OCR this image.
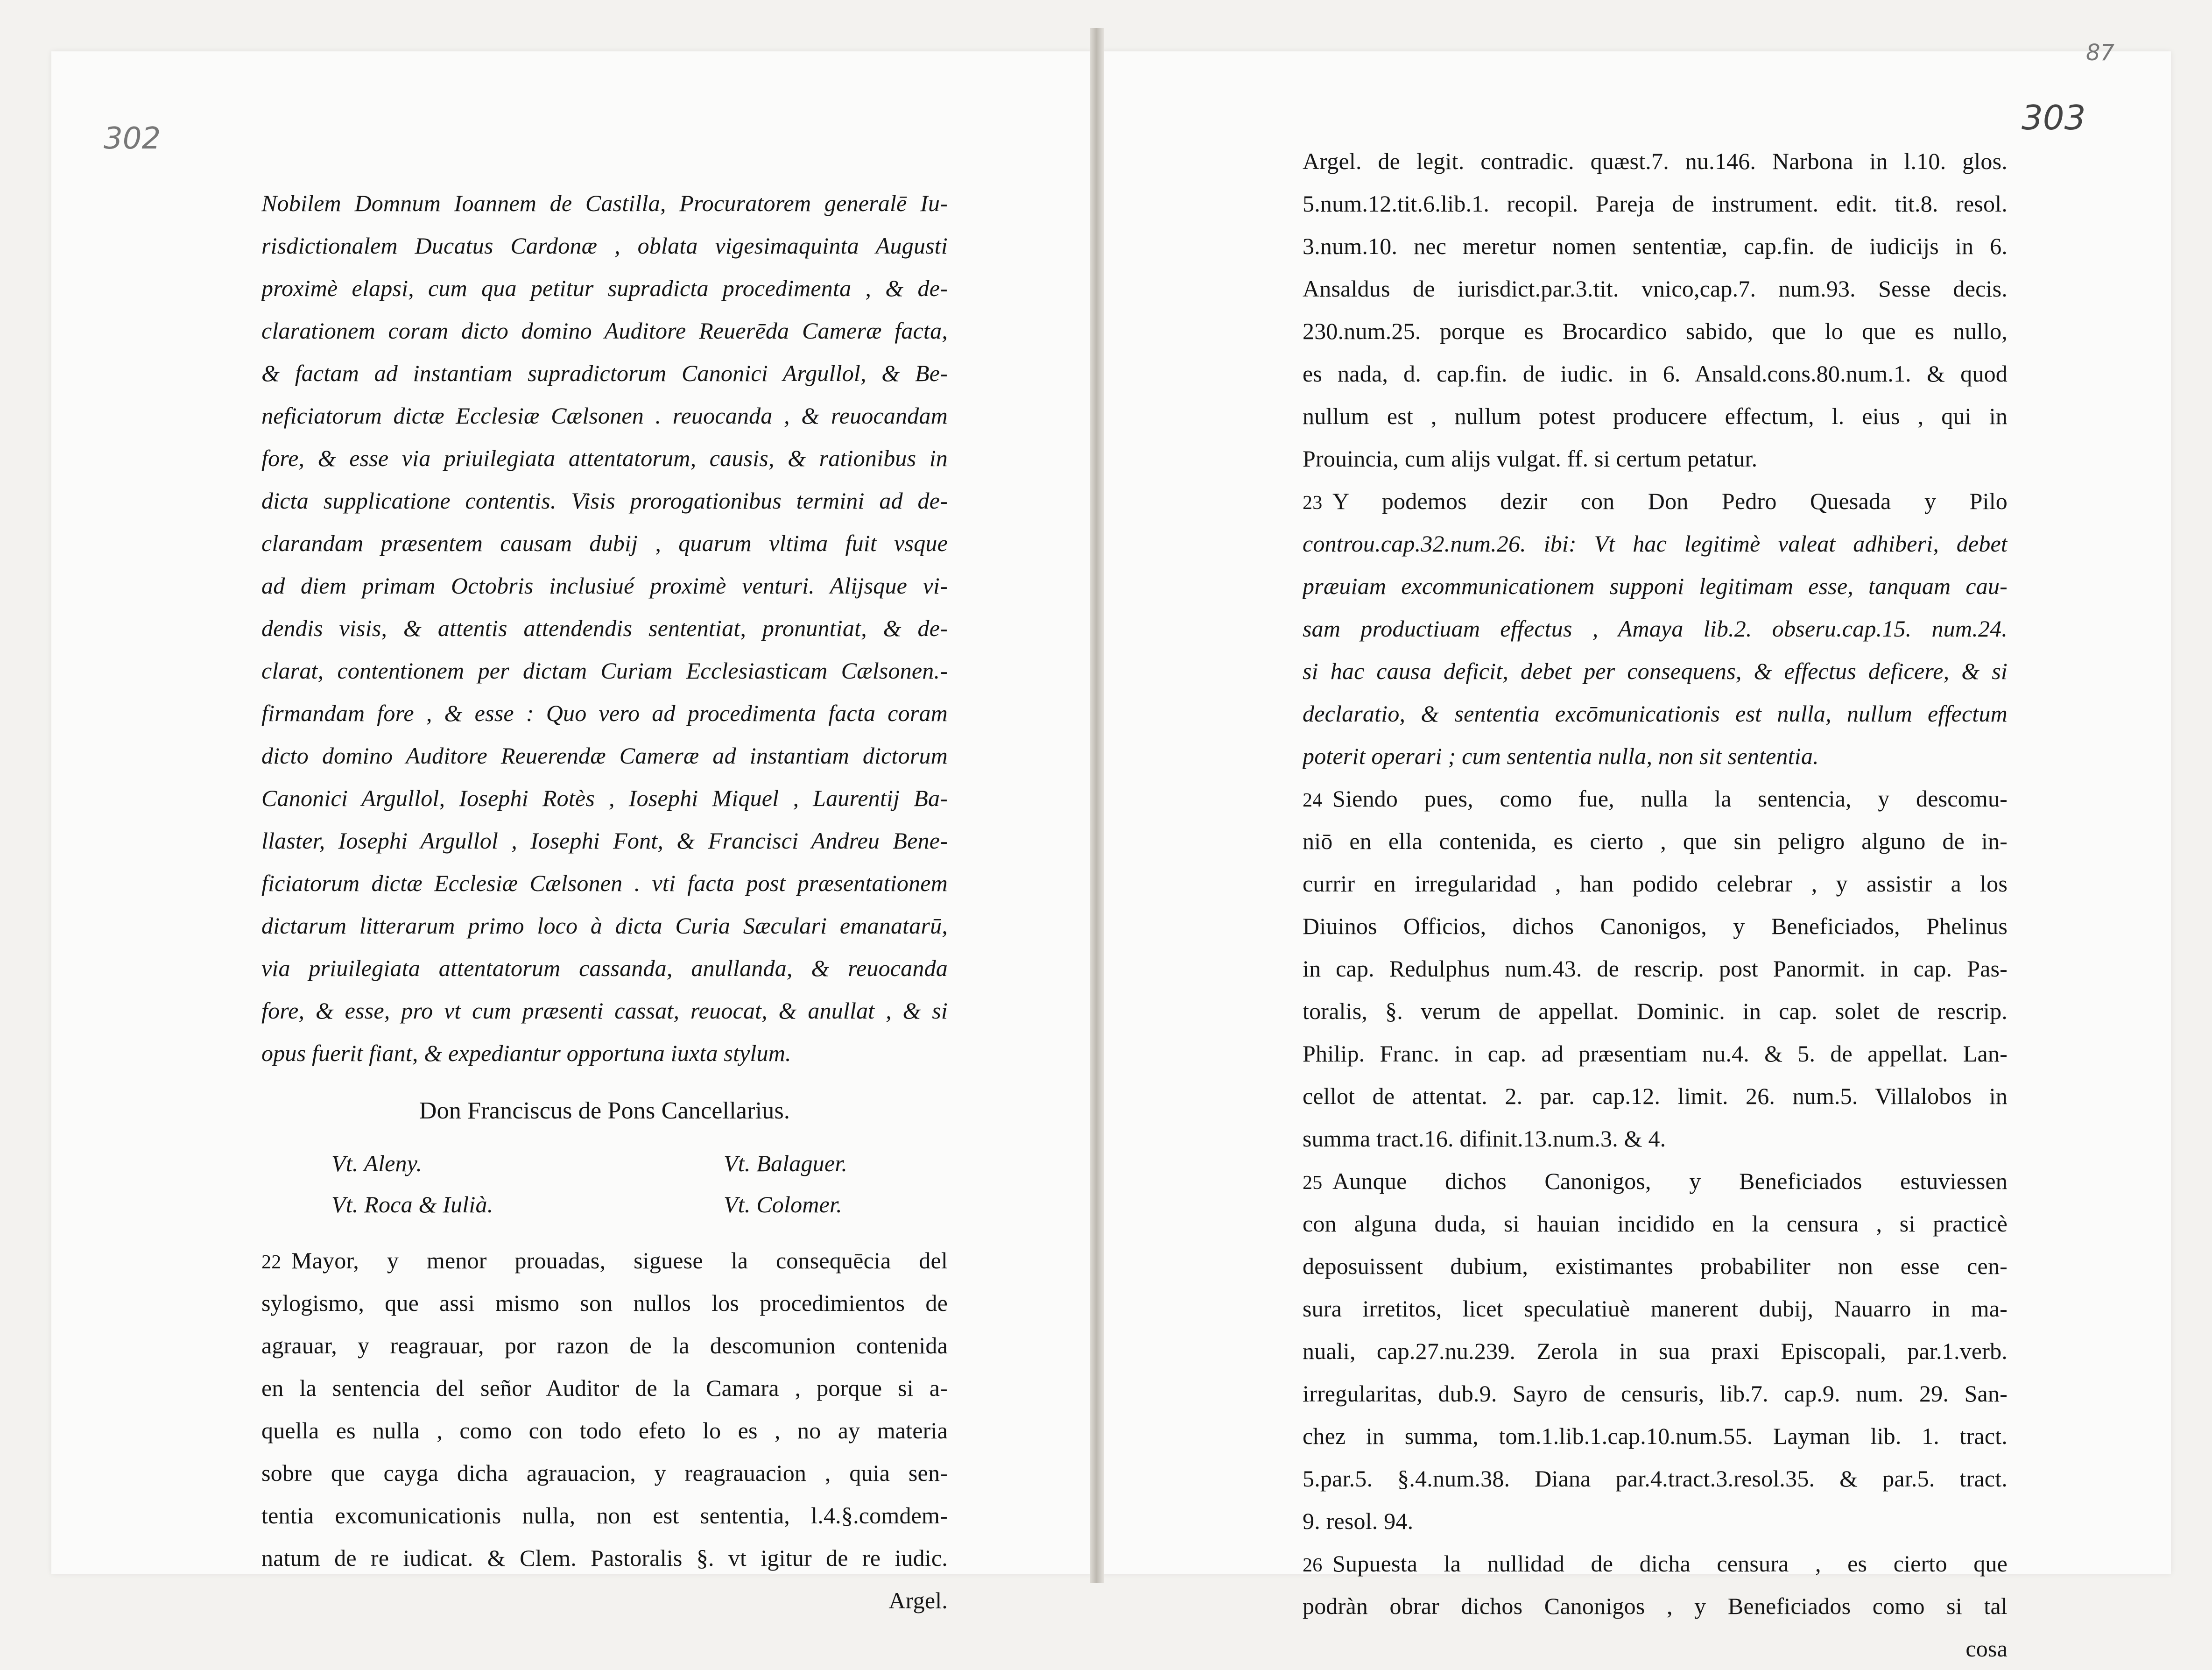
87
303
302
Nobilem Domnum Ioannem de Castilla, Procuratorem generalē Iu-
risdictionalem Ducatus Cardonæ , oblata vigesimaquinta Augusti
proximè elapsi, cum qua petitur supradicta procedimenta , & de-
clarationem coram dicto domino Auditore Reuerēda Cameræ facta,
& factam ad instantiam supradictorum Canonici Argullol, & Be-
neficiatorum dictæ Ecclesiæ Cælsonen . reuocanda , & reuocandam
fore, & esse via priuilegiata attentatorum, causis, & rationibus in
dicta supplicatione contentis. Visis prorogationibus termini ad de-
clarandam præsentem causam dubij , quarum vltima fuit vsque
ad diem primam Octobris inclusiué proximè venturi. Alijsque vi-
dendis visis, & attentis attendendis sententiat, pronuntiat, & de-
clarat, contentionem per dictam Curiam Ecclesiasticam Cælsonen.-
firmandam fore , & esse : Quo vero ad procedimenta facta coram
dicto domino Auditore Reuerendæ Cameræ ad instantiam dictorum
Canonici Argullol, Iosephi Rotès , Iosephi Miquel , Laurentij Ba-
llaster, Iosephi Argullol , Iosephi Font, & Francisci Andreu Bene-
ficiatorum dictæ Ecclesiæ Cælsonen . vti facta post præsentationem
dictarum litterarum primo loco à dicta Curia Sæculari emanatarū,
via priuilegiata attentatorum cassanda, anullanda, & reuocanda
fore, & esse, pro vt cum præsenti cassat, reuocat, & anullat , & si
opus fuerit fiant, & expediantur opportuna iuxta stylum.
Don Franciscus de Pons Cancellarius.
Vt. Aleny.	Vt. Balaguer.
Vt. Roca & Iulià.	Vt. Colomer.
22 Mayor, y menor prouadas, siguese la consequēcia del
sylogismo, que assi mismo son nullos los procedimientos de
agrauar, y reagrauar, por razon de la descomunion contenida
en la sentencia del señor Auditor de la Camara , porque si a-
quella es nulla , como con todo efeto lo es , no ay materia
sobre que cayga dicha agrauacion, y reagrauacion , quia sen-
tentia excomunicationis nulla, non est sententia, l.4.§.comdem-
natum de re iudicat. & Clem. Pastoralis §. vt igitur de re iudic.
Argel.
Argel. de legit. contradic. quæst.7. nu.146. Narbona in l.10. glos.
5.num.12.tit.6.lib.1. recopil. Pareja de instrument. edit. tit.8. resol.
3.num.10. nec meretur nomen sententiæ, cap.fin. de iudicijs in 6.
Ansaldus de iurisdict.par.3.tit. vnico,cap.7. num.93. Sesse decis.
230.num.25. porque es Brocardico sabido, que lo que es nullo,
es nada, d. cap.fin. de iudic. in 6. Ansald.cons.80.num.1. & quod
nullum est , nullum potest producere effectum, l. eius , qui in
Prouincia, cum alijs vulgat. ff. si certum petatur.
23 Y podemos dezir con Don Pedro Quesada y Pilo
controu.cap.32.num.26. ibi: Vt hac legitimè valeat adhiberi, debet
præuiam excommunicationem supponi legitimam esse, tanquam cau-
sam productiuam effectus , Amaya lib.2. obseru.cap.15. num.24.
si hac causa deficit, debet per consequens, & effectus deficere, & si
declaratio, & sententia excōmunicationis est nulla, nullum effectum
poterit operari ; cum sententia nulla, non sit sententia.
24 Siendo pues, como fue, nulla la sentencia, y descomu-
niō en ella contenida, es cierto , que sin peligro alguno de in-
currir en irregularidad , han podido celebrar , y assistir a los
Diuinos Officios, dichos Canonigos, y Beneficiados, Phelinus
in cap. Redulphus num.43. de rescrip. post Panormit. in cap. Pas-
toralis, §. verum de appellat. Dominic. in cap. solet de rescrip.
Philip. Franc. in cap. ad præsentiam nu.4. & 5. de appellat. Lan-
cellot de attentat. 2. par. cap.12. limit. 26. num.5. Villalobos in
summa tract.16. difinit.13.num.3. & 4.
25 Aunque dichos Canonigos, y Beneficiados estuviessen
con alguna duda, si hauian incidido en la censura , si practicè
deposuissent dubium, existimantes probabiliter non esse cen-
sura irretitos, licet speculatiuè manerent dubij, Nauarro in ma-
nuali, cap.27.nu.239. Zerola in sua praxi Episcopali, par.1.verb.
irregularitas, dub.9. Sayro de censuris, lib.7. cap.9. num. 29. San-
chez in summa, tom.1.lib.1.cap.10.num.55. Layman lib. 1. tract.
5.par.5. §.4.num.38. Diana par.4.tract.3.resol.35. & par.5. tract.
9. resol. 94.
26 Supuesta la nullidad de dicha censura , es cierto que
podràn obrar dichos Canonigos , y Beneficiados como si tal
cosa
